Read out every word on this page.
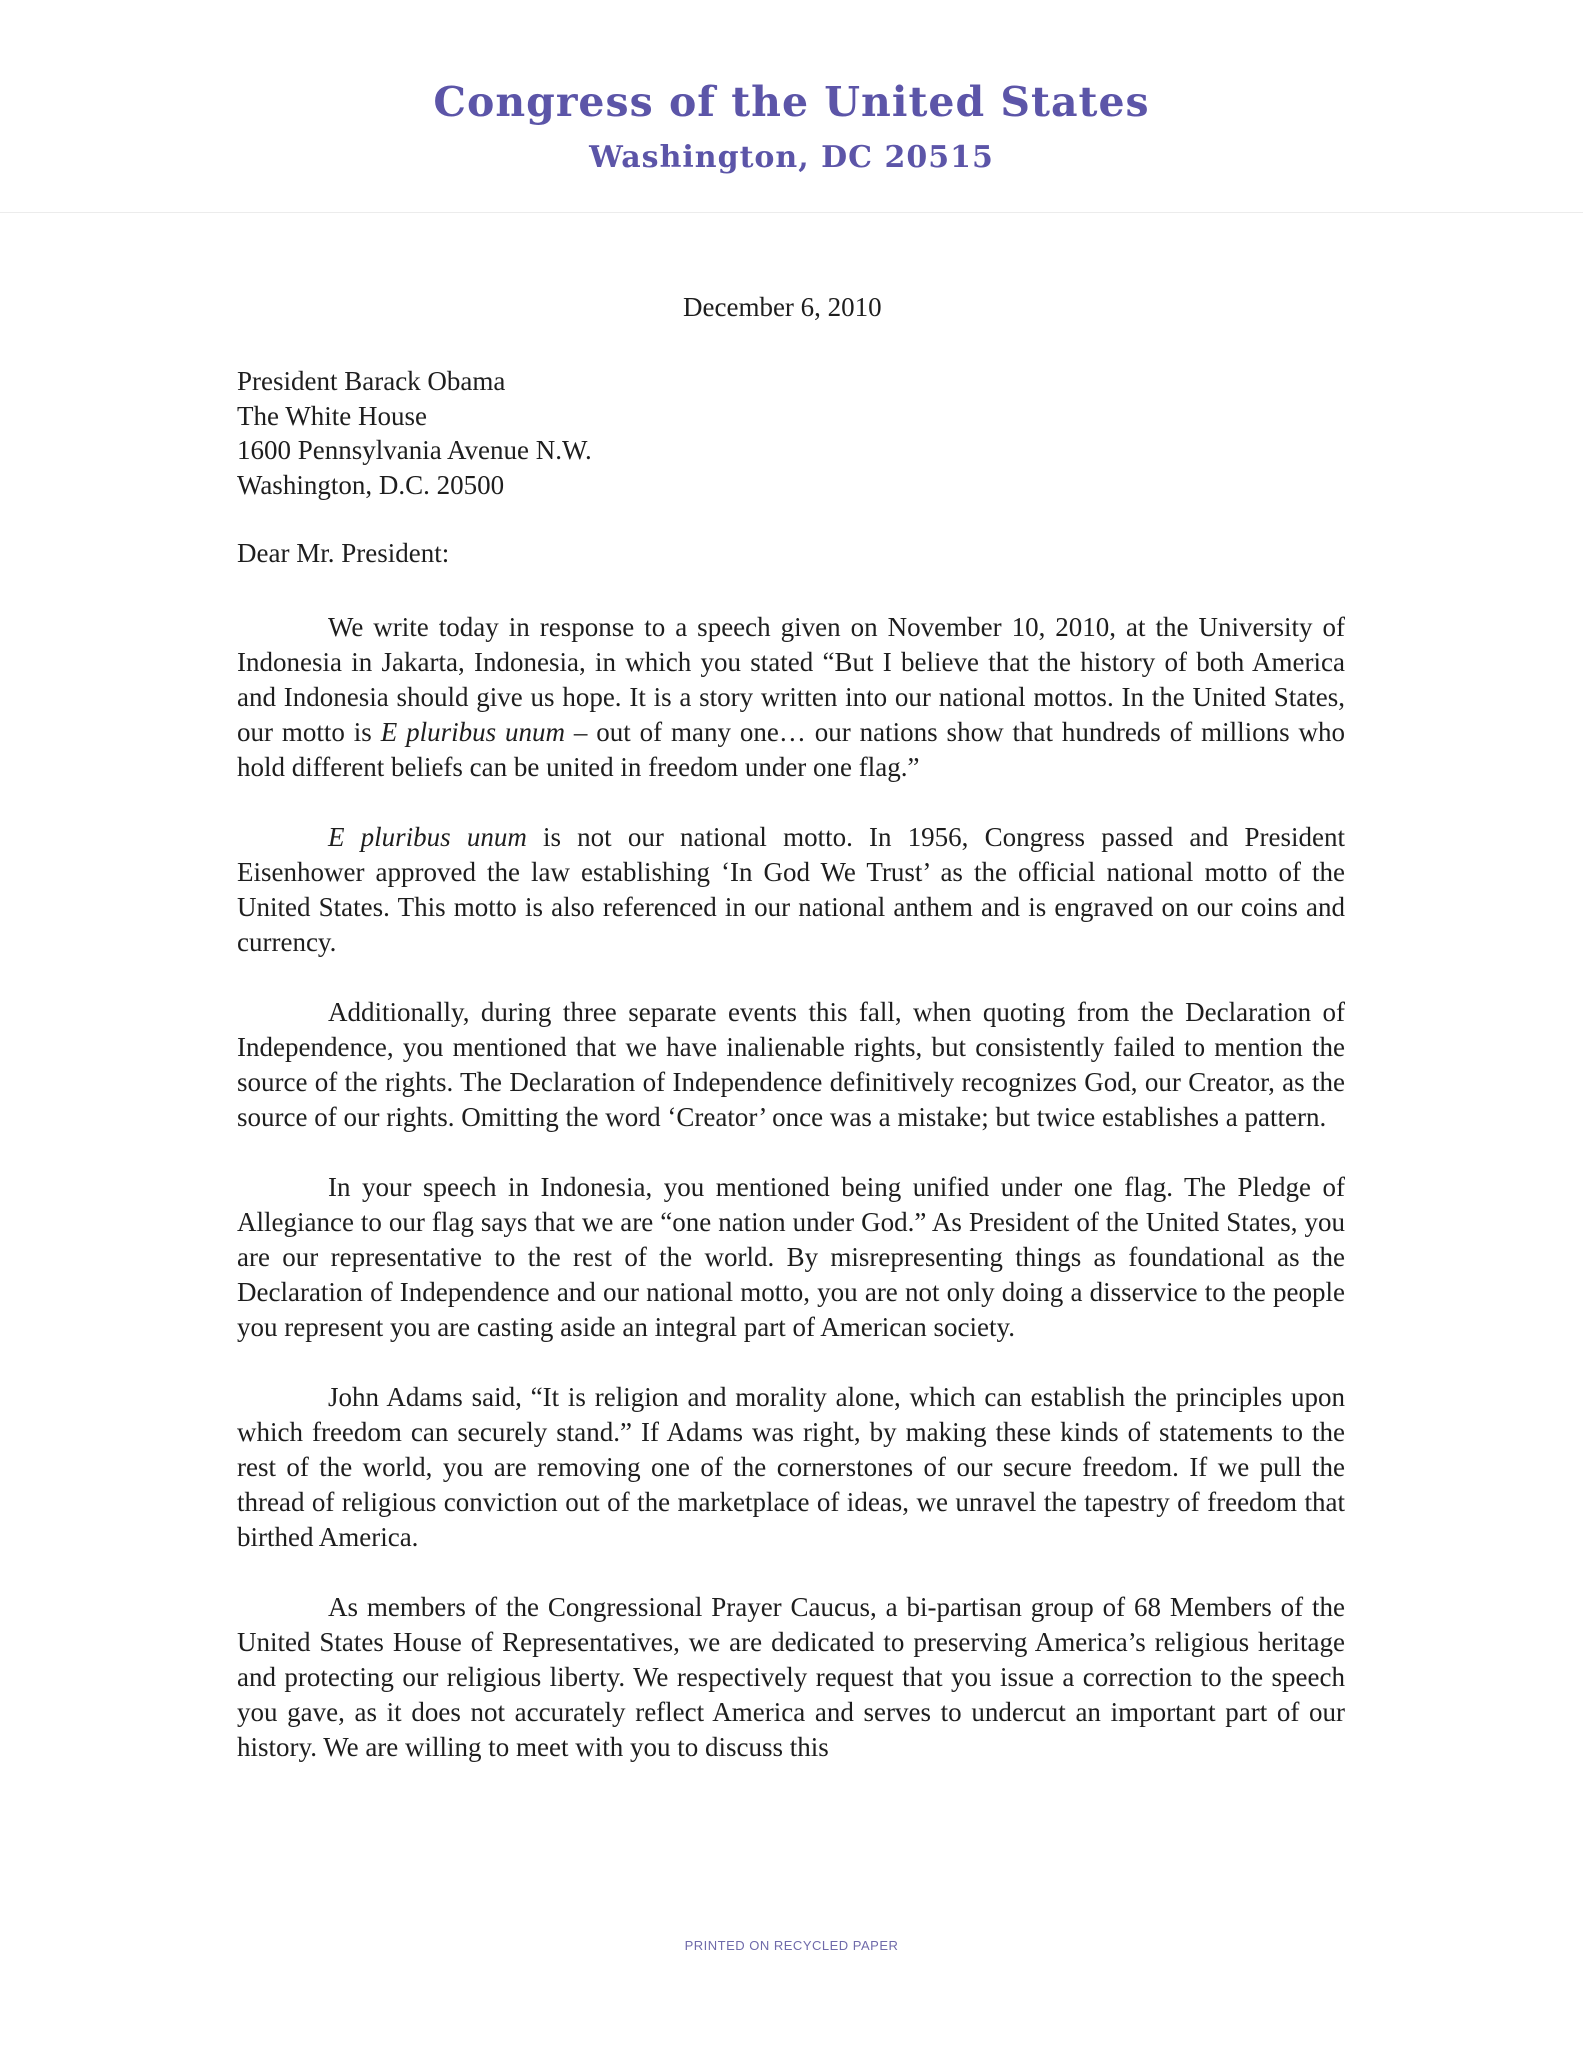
Congress of the United States
Washington, DC 20515
December 6, 2010
President Barack Obama
The White House
1600 Pennsylvania Avenue N.W.
Washington, D.C. 20500
Dear Mr. President:

We write today in response to a speech given on November 10, 2010, at the University of Indonesia in Jakarta, Indonesia, in which you stated “But I believe that the history of both America and Indonesia should give us hope. It is a story written into our national mottos. In the United States, our motto is E pluribus unum – out of many one… our nations show that hundreds of millions who hold different beliefs can be united in freedom under one flag.”

E pluribus unum is not our national motto. In 1956, Congress passed and President Eisenhower approved the law establishing ‘In God We Trust’ as the official national motto of the United States. This motto is also referenced in our national anthem and is engraved on our coins and currency.

Additionally, during three separate events this fall, when quoting from the Declaration of Independence, you mentioned that we have inalienable rights, but consistently failed to mention the source of the rights. The Declaration of Independence definitively recognizes God, our Creator, as the source of our rights. Omitting the word ‘Creator’ once was a mistake; but twice establishes a pattern.

In your speech in Indonesia, you mentioned being unified under one flag. The Pledge of Allegiance to our flag says that we are “one nation under God.” As President of the United States, you are our representative to the rest of the world. By misrepresenting things as foundational as the Declaration of Independence and our national motto, you are not only doing a disservice to the people you represent you are casting aside an integral part of American society.

John Adams said, “It is religion and morality alone, which can establish the principles upon which freedom can securely stand.” If Adams was right, by making these kinds of statements to the rest of the world, you are removing one of the cornerstones of our secure freedom. If we pull the thread of religious conviction out of the marketplace of ideas, we unravel the tapestry of freedom that birthed America.

As members of the Congressional Prayer Caucus, a bi-partisan group of 68 Members of the United States House of Representatives, we are dedicated to preserving America’s religious heritage and protecting our religious liberty. We respectively request that you issue a correction to the speech you gave, as it does not accurately reflect America and serves to undercut an important part of our history. We are willing to meet with you to discuss this

PRINTED ON RECYCLED PAPER
